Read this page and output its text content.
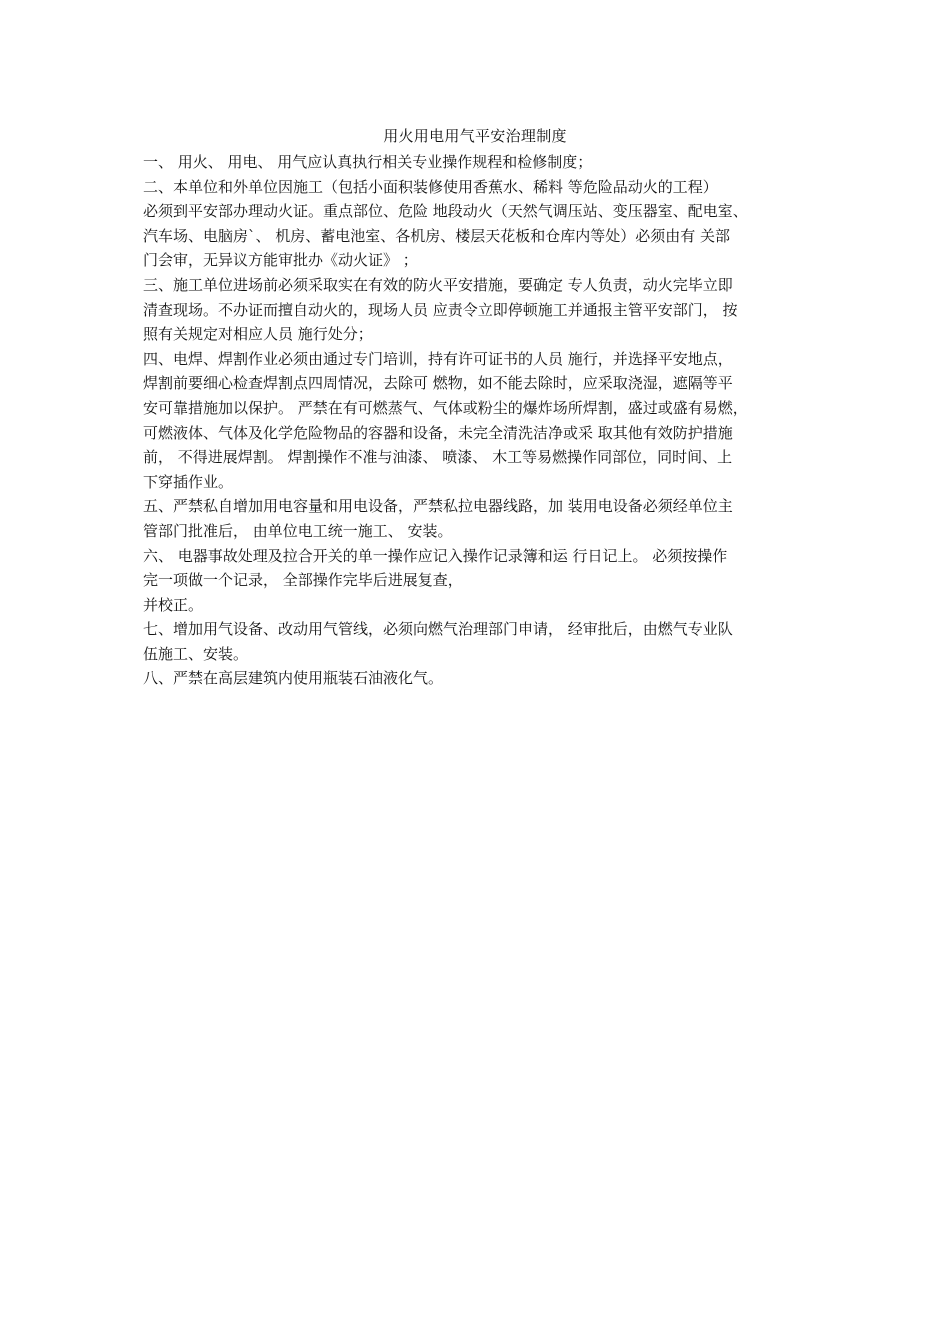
用火用电用气平安治理制度
一、 用火、 用电、 用气应认真执行相关专业操作规程和检修制度；
二、本单位和外单位因施工（包括小面积装修使用香蕉水、稀料 等危险品动火的工程）
必须到平安部办理动火证。重点部位、危险 地段动火（天然气调压站、变压器室、配电室、
汽车场、电脑房`、 机房、蓄电池室、各机房、楼层天花板和仓库内等处）必须由有 关部
门会审，无异议方能审批办《动火证》 ；
三、施工单位进场前必须采取实在有效的防火平安措施，要确定 专人负责，动火完毕立即
清查现场。不办证而擅自动火的，现场人员 应责令立即停顿施工并通报主管平安部门， 按
照有关规定对相应人员 施行处分；
四、电焊、焊割作业必须由通过专门培训，持有许可证书的人员 施行，并选择平安地点，
焊割前要细心检查焊割点四周情况，去除可 燃物，如不能去除时，应采取浇湿，遮隔等平
安可靠措施加以保护。 严禁在有可燃蒸气、气体或粉尘的爆炸场所焊割，盛过或盛有易燃，
可燃液体、气体及化学危险物品的容器和设备，未完全清洗洁净或采 取其他有效防护措施
前， 不得进展焊割。 焊割操作不准与油漆、 喷漆、 木工等易燃操作同部位，同时间、上
下穿插作业。
五、严禁私自增加用电容量和用电设备，严禁私拉电器线路，加 装用电设备必须经单位主
管部门批准后， 由单位电工统一施工、 安装。
六、 电器事故处理及拉合开关的单一操作应记入操作记录簿和运 行日记上。 必须按操作
完一项做一个记录， 全部操作完毕后进展复查，
并校正。
七、增加用气设备、改动用气管线，必须向燃气治理部门申请， 经审批后，由燃气专业队
伍施工、安装。
八、严禁在高层建筑内使用瓶装石油液化气。
